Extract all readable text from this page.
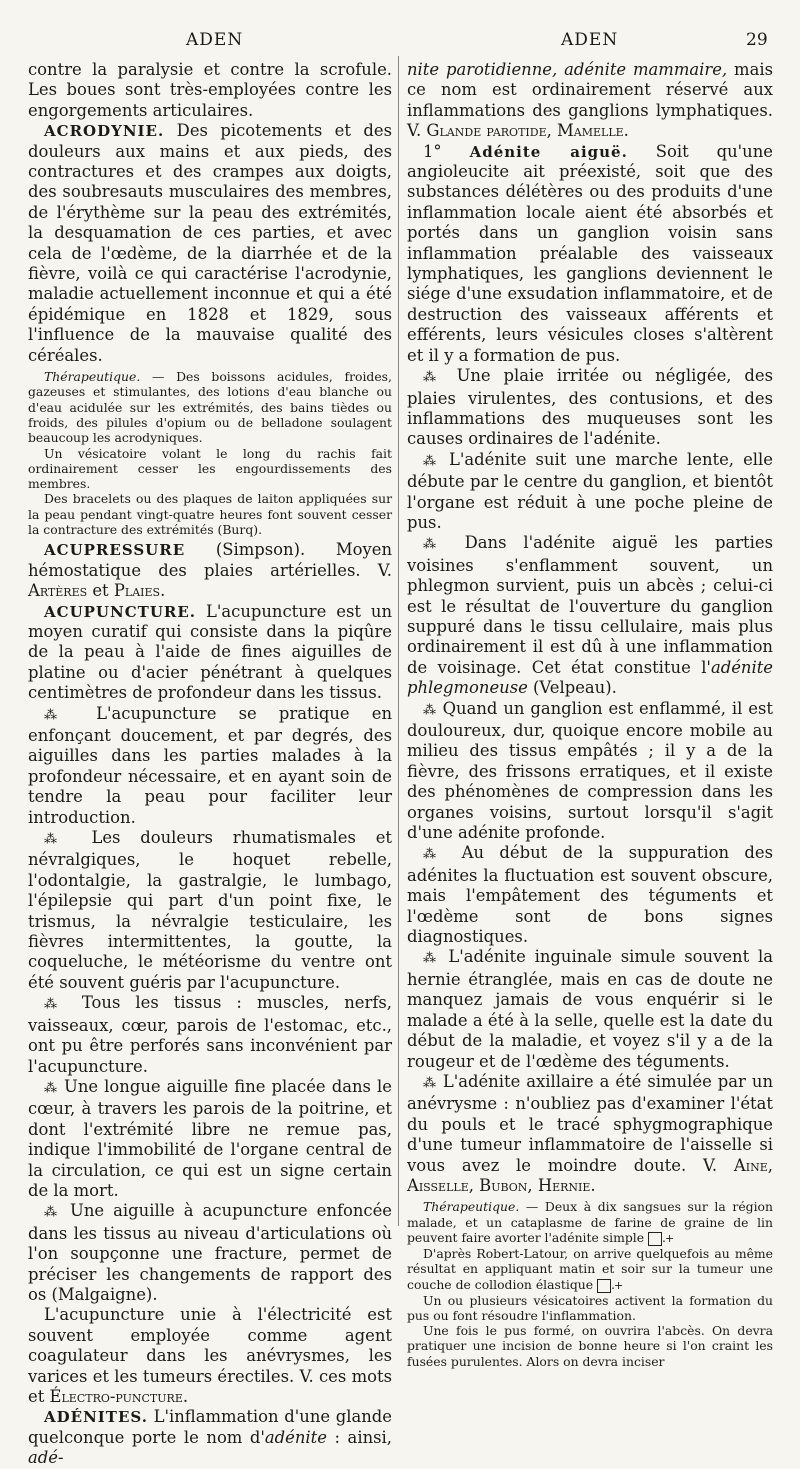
ADEN	ADEN	29

contre la paralysie et contre la scrofule. Les boues sont très-employées contre les engorgements articulaires.

ACRODYNIE. Des picotements et des douleurs aux mains et aux pieds, des contractures et des crampes aux doigts, des soubresauts musculaires des membres, de l'érythème sur la peau des extrémités, la desquamation de ces parties, et avec cela de l'œdème, de la diarrhée et de la fièvre, voilà ce qui caractérise l'acrodynie, maladie actuellement inconnue et qui a été épidémique en 1828 et 1829, sous l'influence de la mauvaise qualité des céréales.

Thérapeutique. — Des boissons acidules, froides, gazeuses et stimulantes, des lotions d'eau blanche ou d'eau acidulée sur les extrémités, des bains tièdes ou froids, des pilules d'opium ou de belladone soulagent beaucoup les acrodyniques.

Un vésicatoire volant le long du rachis fait ordinairement cesser les engourdissements des membres.

Des bracelets ou des plaques de laiton appliquées sur la peau pendant vingt-quatre heures font souvent cesser la contracture des extrémités (Burq).

ACUPRESSURE (Simpson). Moyen hémostatique des plaies artérielles. V. Artères et Plaies.

ACUPUNCTURE. L'acupuncture est un moyen curatif qui consiste dans la piqûre de la peau à l'aide de fines aiguilles de platine ou d'acier pénétrant à quelques centimètres de profondeur dans les tissus.

⁂ L'acupuncture se pratique en enfonçant doucement, et par degrés, des aiguilles dans les parties malades à la profondeur nécessaire, et en ayant soin de tendre la peau pour faciliter leur introduction.

⁂ Les douleurs rhumatismales et névralgiques, le hoquet rebelle, l'odontalgie, la gastralgie, le lumbago, l'épilepsie qui part d'un point fixe, le trismus, la névralgie testiculaire, les fièvres intermittentes, la goutte, la coqueluche, le météorisme du ventre ont été souvent guéris par l'acupuncture.

⁂ Tous les tissus : muscles, nerfs, vaisseaux, cœur, parois de l'estomac, etc., ont pu être perforés sans inconvénient par l'acupuncture.

⁂ Une longue aiguille fine placée dans le cœur, à travers les parois de la poitrine, et dont l'extrémité libre ne remue pas, indique l'immobilité de l'organe central de la circulation, ce qui est un signe certain de la mort.

⁂ Une aiguille à acupuncture enfoncée dans les tissus au niveau d'articulations où l'on soupçonne une fracture, permet de préciser les changements de rapport des os (Malgaigne).

L'acupuncture unie à l'électricité est souvent employée comme agent coagulateur dans les anévrysmes, les varices et les tumeurs érectiles. V. ces mots et Électro-puncture.

ADÉNITES. L'inflammation d'une glande quelconque porte le nom d'adénite : ainsi, adé-

nite parotidienne, adénite mammaire, mais ce nom est ordinairement réservé aux inflammations des ganglions lymphatiques. V. Glande parotide, Mamelle.

1° Adénite aiguë. Soit qu'une angioleucite ait préexisté, soit que des substances délétères ou des produits d'une inflammation locale aient été absorbés et portés dans un ganglion voisin sans inflammation préalable des vaisseaux lymphatiques, les ganglions deviennent le siége d'une exsudation inflammatoire, et de destruction des vaisseaux afférents et efférents, leurs vésicules closes s'altèrent et il y a formation de pus.

⁂ Une plaie irritée ou négligée, des plaies virulentes, des contusions, et des inflammations des muqueuses sont les causes ordinaires de l'adénite.

⁂ L'adénite suit une marche lente, elle débute par le centre du ganglion, et bientôt l'organe est réduit à une poche pleine de pus.

⁂ Dans l'adénite aiguë les parties voisines s'enflamment souvent, un phlegmon survient, puis un abcès ; celui-ci est le résultat de l'ouverture du ganglion suppuré dans le tissu cellulaire, mais plus ordinairement il est dû à une inflammation de voisinage. Cet état constitue l'adénite phlegmoneuse (Velpeau).

⁂ Quand un ganglion est enflammé, il est douloureux, dur, quoique encore mobile au milieu des tissus empâtés ; il y a de la fièvre, des frissons erratiques, et il existe des phénomènes de compression dans les organes voisins, surtout lorsqu'il s'agit d'une adénite profonde.

⁂ Au début de la suppuration des adénites la fluctuation est souvent obscure, mais l'empâtement des téguments et l'œdème sont de bons signes diagnostiques.

⁂ L'adénite inguinale simule souvent la hernie étranglée, mais en cas de doute ne manquez jamais de vous enquérir si le malade a été à la selle, quelle est la date du début de la maladie, et voyez s'il y a de la rougeur et de l'œdème des téguments.

⁂ L'adénite axillaire a été simulée par un anévrysme : n'oubliez pas d'examiner l'état du pouls et le tracé sphygmographique d'une tumeur inflammatoire de l'aisselle si vous avez le moindre doute. V. Aine, Aisselle, Bubon, Hernie.

Thérapeutique. — Deux à dix sangsues sur la région malade, et un cataplasme de farine de graine de lin peuvent faire avorter l'adénite simple +.

D'après Robert-Latour, on arrive quelquefois au même résultat en appliquant matin et soir sur la tumeur une couche de collodion élastique +.

Un ou plusieurs vésicatoires activent la formation du pus ou font résoudre l'inflammation.

Une fois le pus formé, on ouvrira l'abcès. On devra pratiquer une incision de bonne heure si l'on craint les fusées purulentes. Alors on devra inciser
